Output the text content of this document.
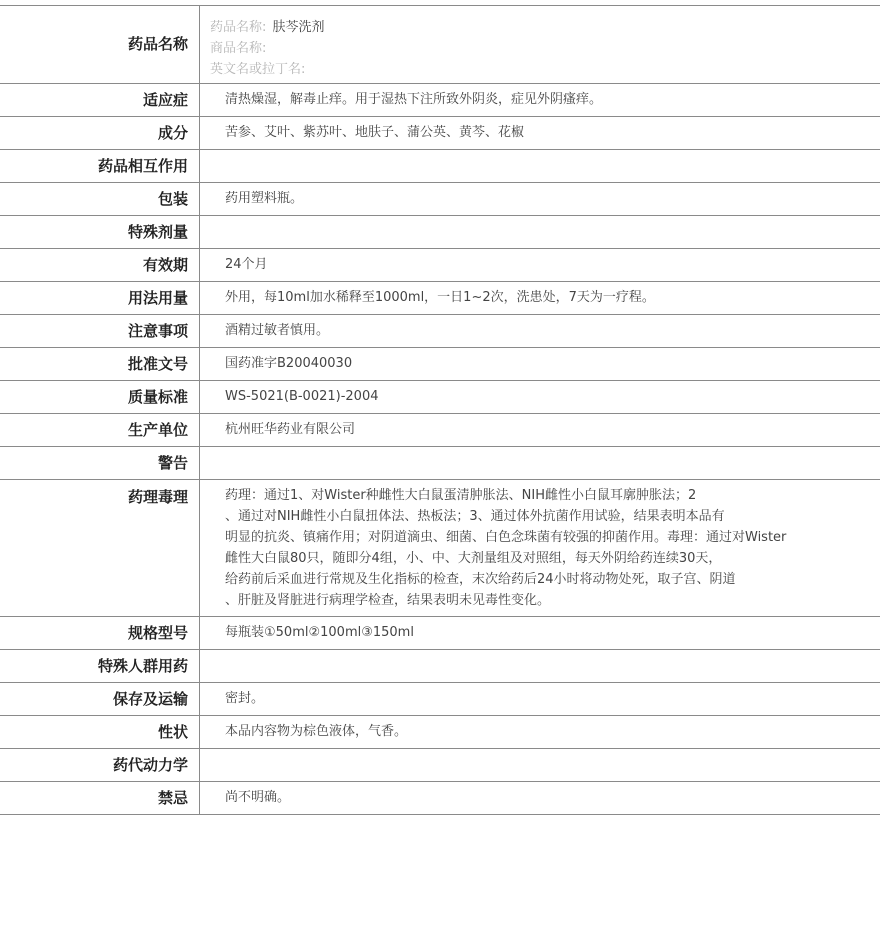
药品名称
药品名称: 肤芩洗剂
商品名称:
英文名或拉丁名:
适应症	清热燥湿，解毒止痒。用于湿热下注所致外阴炎，症见外阴瘙痒。
成分	苦参、艾叶、紫苏叶、地肤子、蒲公英、黄芩、花椒
药品相互作用
包装	药用塑料瓶。
特殊剂量
有效期	24个月
用法用量	外用，每10ml加水稀释至1000ml，一日1~2次，洗患处，7天为一疗程。
注意事项	酒精过敏者慎用。
批准文号	国药准字B20040030
质量标准	WS-5021(B-0021)-2004
生产单位	杭州旺华药业有限公司
警告
药理毒理	药理：通过1、对Wister种雌性大白鼠蛋清肿胀法、NIH雌性小白鼠耳廓肿胀法；2
、通过对NIH雌性小白鼠扭体法、热板法；3、通过体外抗菌作用试验，结果表明本品有
明显的抗炎、镇痛作用；对阴道滴虫、细菌、白色念珠菌有较强的抑菌作用。毒理：通过对Wister
雌性大白鼠80只，随即分4组，小、中、大剂量组及对照组，每天外阴给药连续30天，
给药前后采血进行常规及生化指标的检查，末次给药后24小时将动物处死，取子宫、阴道
、肝脏及肾脏进行病理学检查，结果表明未见毒性变化。
规格型号	每瓶装①50ml②100ml③150ml
特殊人群用药
保存及运输	密封。
性状	本品内容物为棕色液体，气香。
药代动力学
禁忌	尚不明确。
